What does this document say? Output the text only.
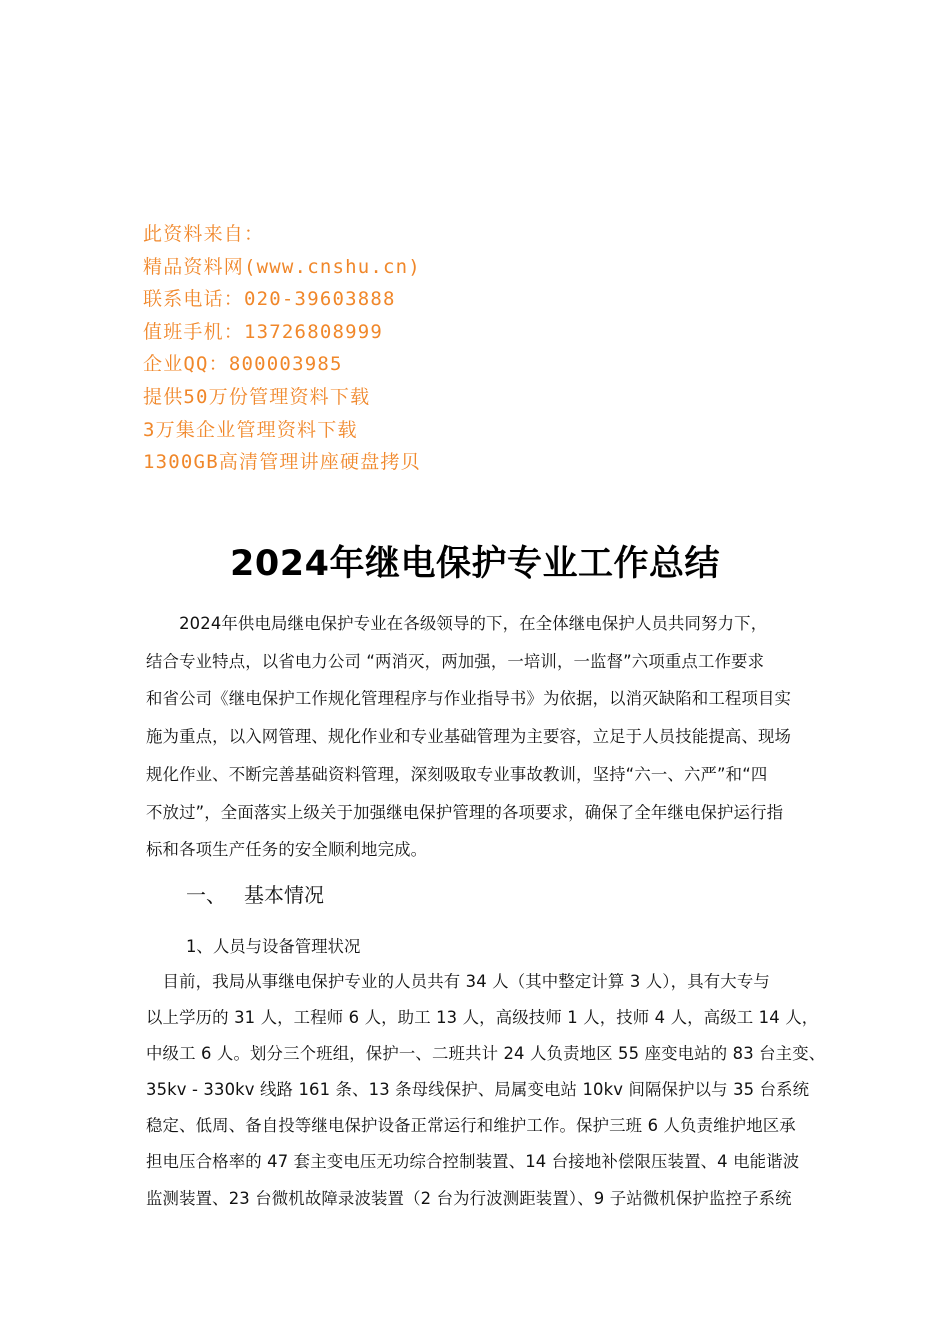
此资料来自：
精品资料网(www.cnshu.cn)
联系电话：020-39603888
值班手机：13726808999
企业QQ：800003985
提供50万份管理资料下载
3万集企业管理资料下载
1300GB高清管理讲座硬盘拷贝
2024年继电保护专业工作总结
　　2024年供电局继电保护专业在各级领导的下，在全体继电保护人员共同努力下，
结合专业特点，以省电力公司 “两消灭，两加强，一培训，一监督”六项重点工作要求
和省公司《继电保护工作规化管理程序与作业指导书》为依据，以消灭缺陷和工程项目实
施为重点，以入网管理、规化作业和专业基础管理为主要容，立足于人员技能提高、现场
规化作业、不断完善基础资料管理，深刻吸取专业事故教训，坚持“六一、六严”和“四
不放过”，全面落实上级关于加强继电保护管理的各项要求，确保了全年继电保护运行指
标和各项生产任务的安全顺利地完成。
一、 基本情况
1、人员与设备管理状况
　目前，我局从事继电保护专业的人员共有 34 人（其中整定计算 3 人），具有大专与
以上学历的 31 人，工程师 6 人，助工 13 人，高级技师 1 人，技师 4 人，高级工 14 人，
中级工 6 人。划分三个班组，保护一、二班共计 24 人负责地区 55 座变电站的 83 台主变、
35kv - 330kv 线路 161 条、13 条母线保护、局属变电站 10kv 间隔保护以与 35 台系统
稳定、低周、备自投等继电保护设备正常运行和维护工作。保护三班 6 人负责维护地区承
担电压合格率的 47 套主变电压无功综合控制装置、14 台接地补偿限压装置、4 电能谐波
监测装置、23 台微机故障录波装置（2 台为行波测距装置）、9 子站微机保护监控子系统
